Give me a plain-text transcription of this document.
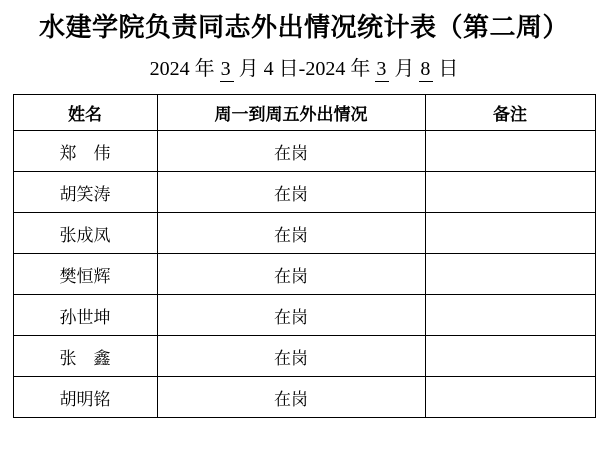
水建学院负责同志外出情况统计表（第二周）

2024 年 3 月 4 日-2024 年 3 月 8 日

姓名	周一到周五外出情况	备注
郑　伟	在岗	
胡笑涛	在岗	
张成凤	在岗	
樊恒辉	在岗	
孙世坤	在岗	
张　鑫	在岗	
胡明铭	在岗	
